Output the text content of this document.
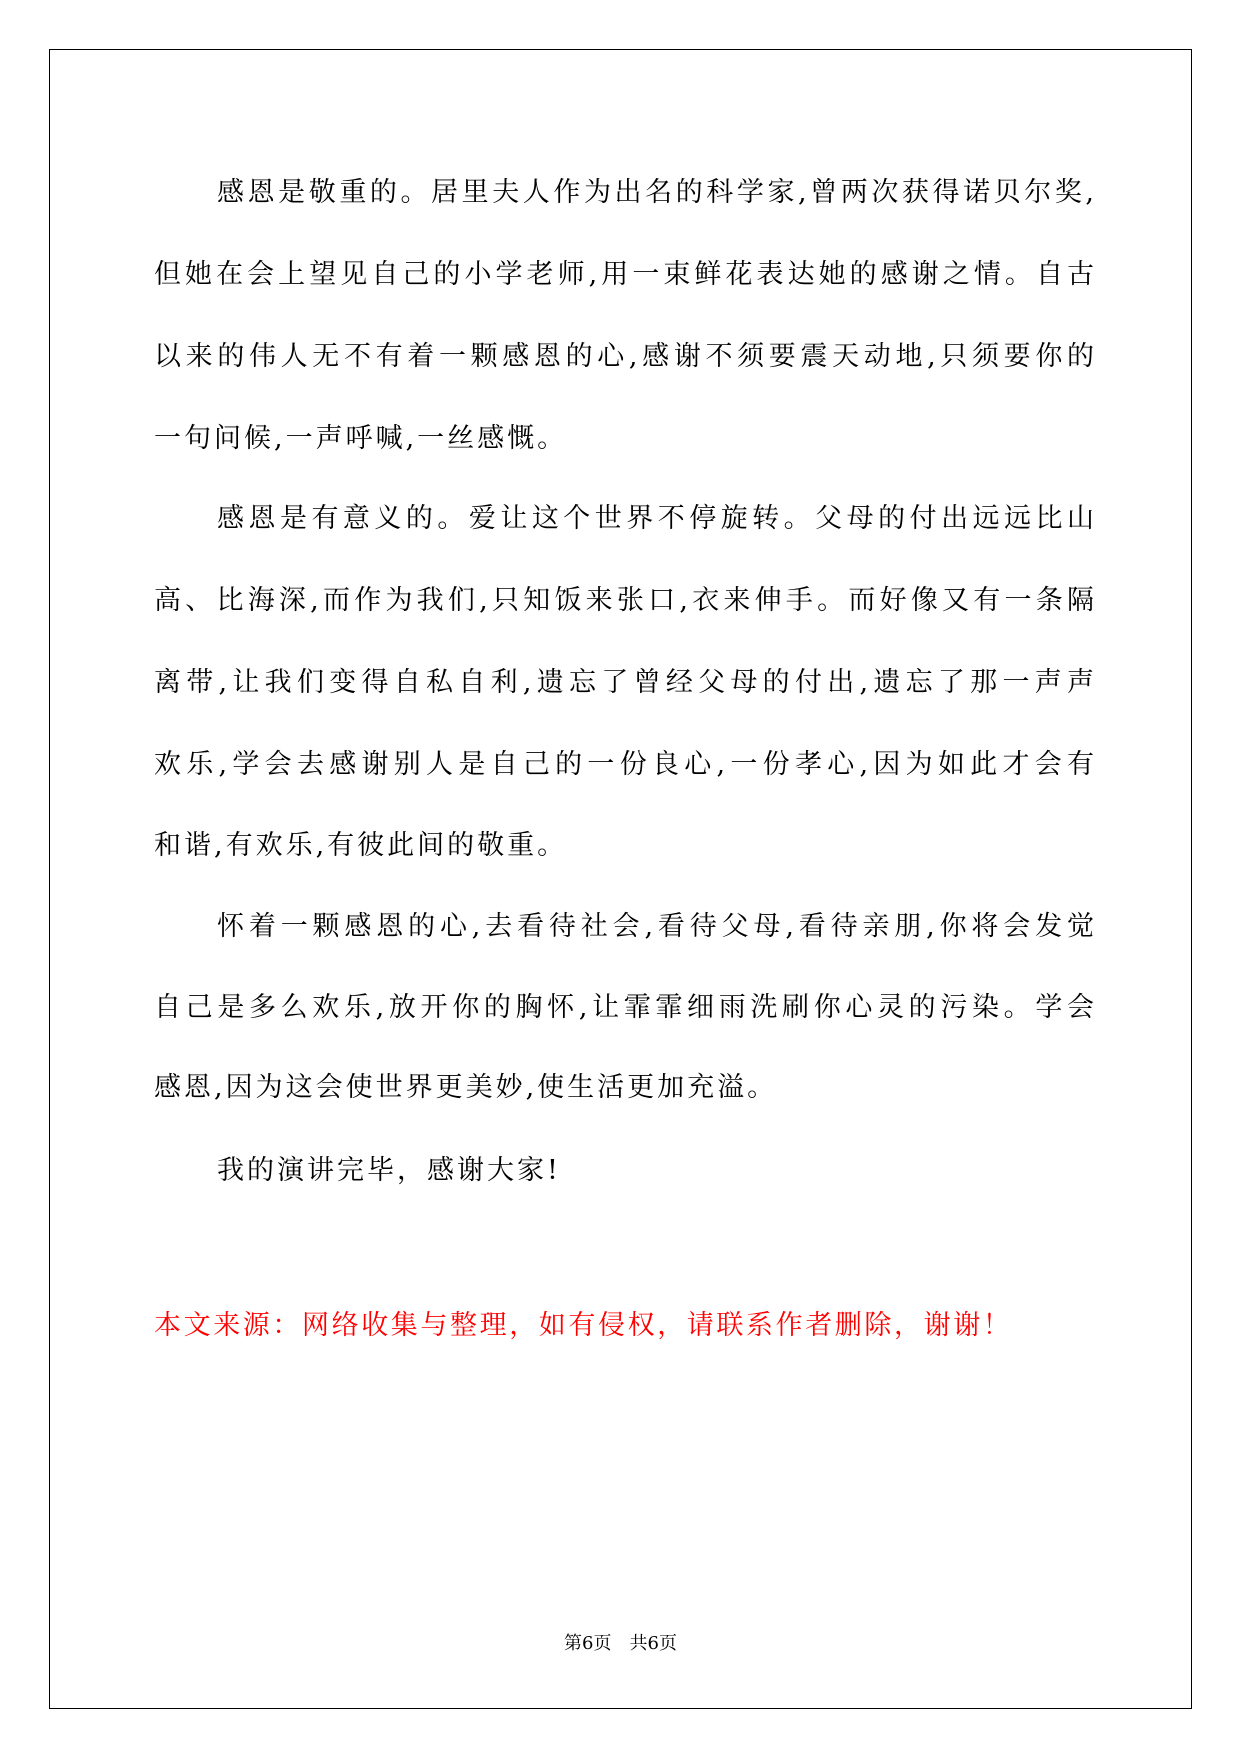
感恩是敬重的。居里夫人作为出名的科学家,曾两次获得诺贝尔奖,
但她在会上望见自己的小学老师,用一束鲜花表达她的感谢之情。自古
以来的伟人无不有着一颗感恩的心,感谢不须要震天动地,只须要你的
一句问候,一声呼喊,一丝感慨。
感恩是有意义的。爱让这个世界不停旋转。父母的付出远远比山
高、比海深,而作为我们,只知饭来张口,衣来伸手。而好像又有一条隔
离带,让我们变得自私自利,遗忘了曾经父母的付出,遗忘了那一声声
欢乐,学会去感谢别人是自己的一份良心,一份孝心,因为如此才会有
和谐,有欢乐,有彼此间的敬重。
怀着一颗感恩的心,去看待社会,看待父母,看待亲朋,你将会发觉
自己是多么欢乐,放开你的胸怀,让霏霏细雨洗刷你心灵的污染。学会
感恩,因为这会使世界更美妙,使生活更加充溢。
我的演讲完毕，感谢大家!
本文来源：网络收集与整理，如有侵权，请联系作者删除，谢谢！
第6页　共6页
